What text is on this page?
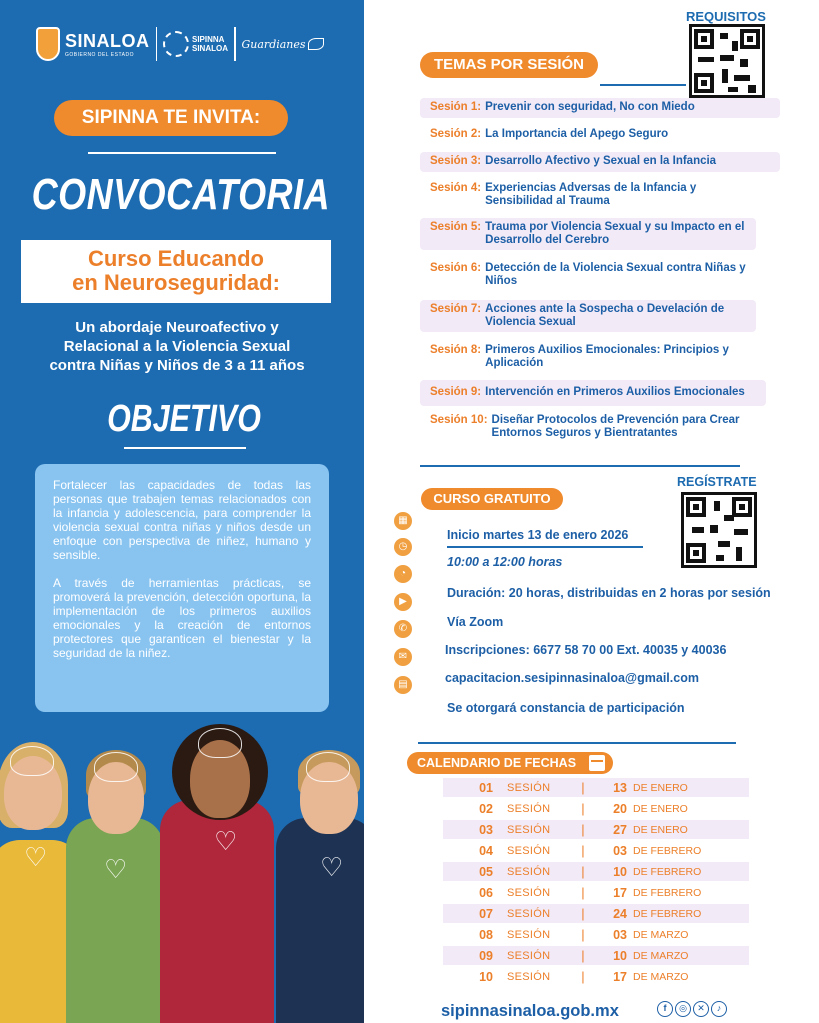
SINALOA
GOBIERNO DEL ESTADO
SIPINNA
SINALOA Guardianes
SIPINNA TE INVITA:
CONVOCATORIA
Curso Educando
en Neuroseguridad:
Un abordaje Neuroafectivo y
Relacional a la Violencia Sexual
contra Niñas y Niños de 3 a 11 años
OBJETIVO

Fortalecer las capacidades de todas las personas que trabajen temas relacionados con la infancia y adolescencia, para comprender la violencia sexual contra niñas y niños desde un enfoque con perspectiva de niñez, humano y sensible.

A través de herramientas prácticas, se promoverá la prevención, detección oportuna, la implementación de los primeros auxilios emocionales y la creación de entornos protectores que garanticen el bienestar y la seguridad de la niñez.

♡ ♡
♡
♡
REQUISITOS
TEMAS POR SESIÓN
Sesión 1: Prevenir con seguridad, No con Miedo
Sesión 2: La Importancia del Apego Seguro
Sesión 3: Desarrollo Afectivo y Sexual en la Infancia
Sesión 4: Experiencias Adversas de la Infancia y Sensibilidad al Trauma
Sesión 5: Trauma por Violencia Sexual y su Impacto en el Desarrollo del Cerebro
Sesión 6: Detección de la Violencia Sexual contra Niñas y Niños
Sesión 7: Acciones ante la Sospecha o Develación de Violencia Sexual
Sesión 8: Primeros Auxilios Emocionales: Principios y Aplicación
Sesión 9: Intervención en Primeros Auxilios Emocionales
Sesión 10: Diseñar Protocolos de Prevención para Crear Entornos Seguros y Bientratantes
REGÍSTRATE
CURSO GRATUITO
▦
◷
◔
▶
✆
✉
▤
Inicio martes 13 de enero 2026
10:00 a 12:00 horas
Duración: 20 horas, distribuidas en 2 horas por sesión
Vía Zoom
Inscripciones: 6677 58 70 00 Ext. 40035 y 40036
capacitacion.sesipinnasinaloa@gmail.com
Se otorgará constancia de participación
CALENDARIO DE FECHAS
01	SESIÓN	|	13 DE ENERO
02	SESIÓN	|	20 DE ENERO
03	SESIÓN	|	27 DE ENERO
04	SESIÓN	|	03 DE FEBRERO
05	SESIÓN	|	10 DE FEBRERO
06	SESIÓN	|	17 DE FEBRERO
07	SESIÓN	|	24 DE FEBRERO
08	SESIÓN	|	03 DE MARZO
09	SESIÓN	|	10 DE MARZO
10	SESIÓN	|	17 DE MARZO
sipinnasinaloa.gob.mx	f	◎	✕	♪
